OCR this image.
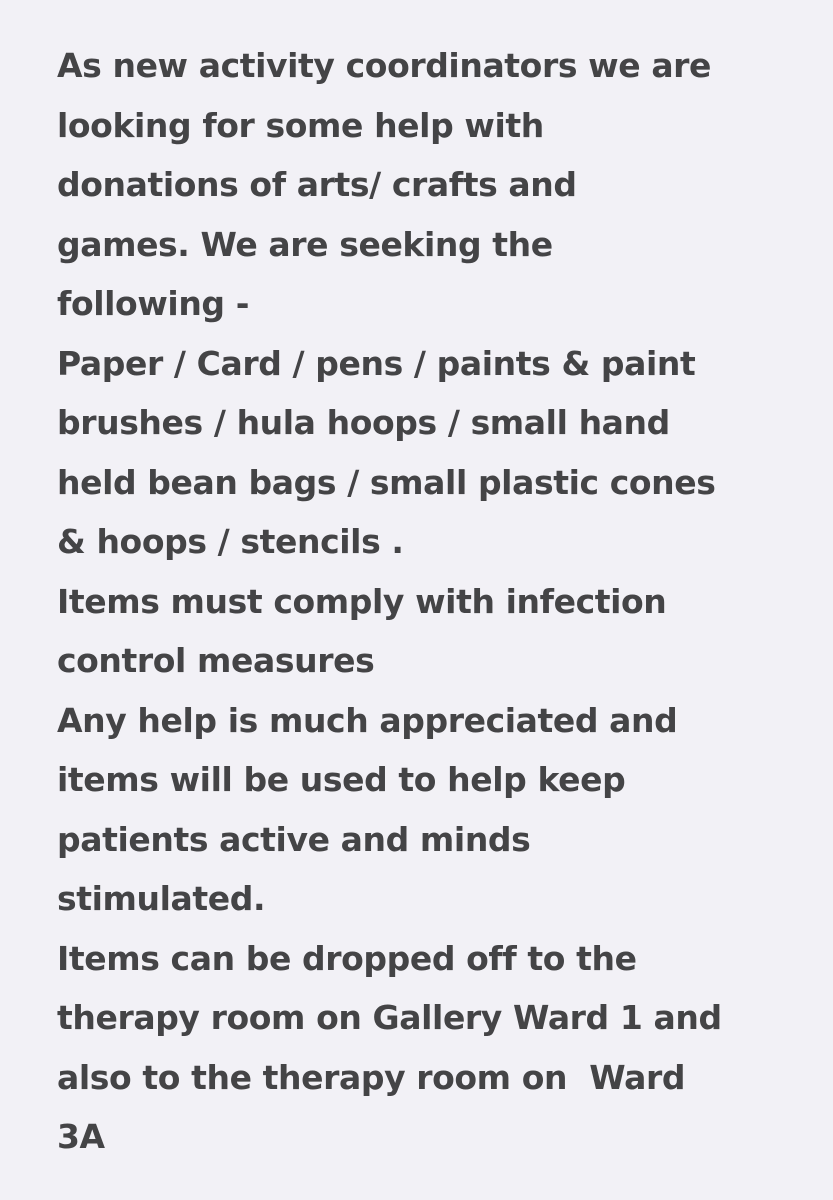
As new activity coordinators we are
looking for some help with
donations of arts/ crafts and
games. We are seeking the
following -
Paper / Card / pens / paints & paint
brushes / hula hoops / small hand
held bean bags / small plastic cones
& hoops / stencils .
Items must comply with infection
control measures
Any help is much appreciated and
items will be used to help keep
patients active and minds
stimulated.
Items can be dropped off to the
therapy room on Gallery Ward 1 and
also to the therapy room on  Ward
3A
